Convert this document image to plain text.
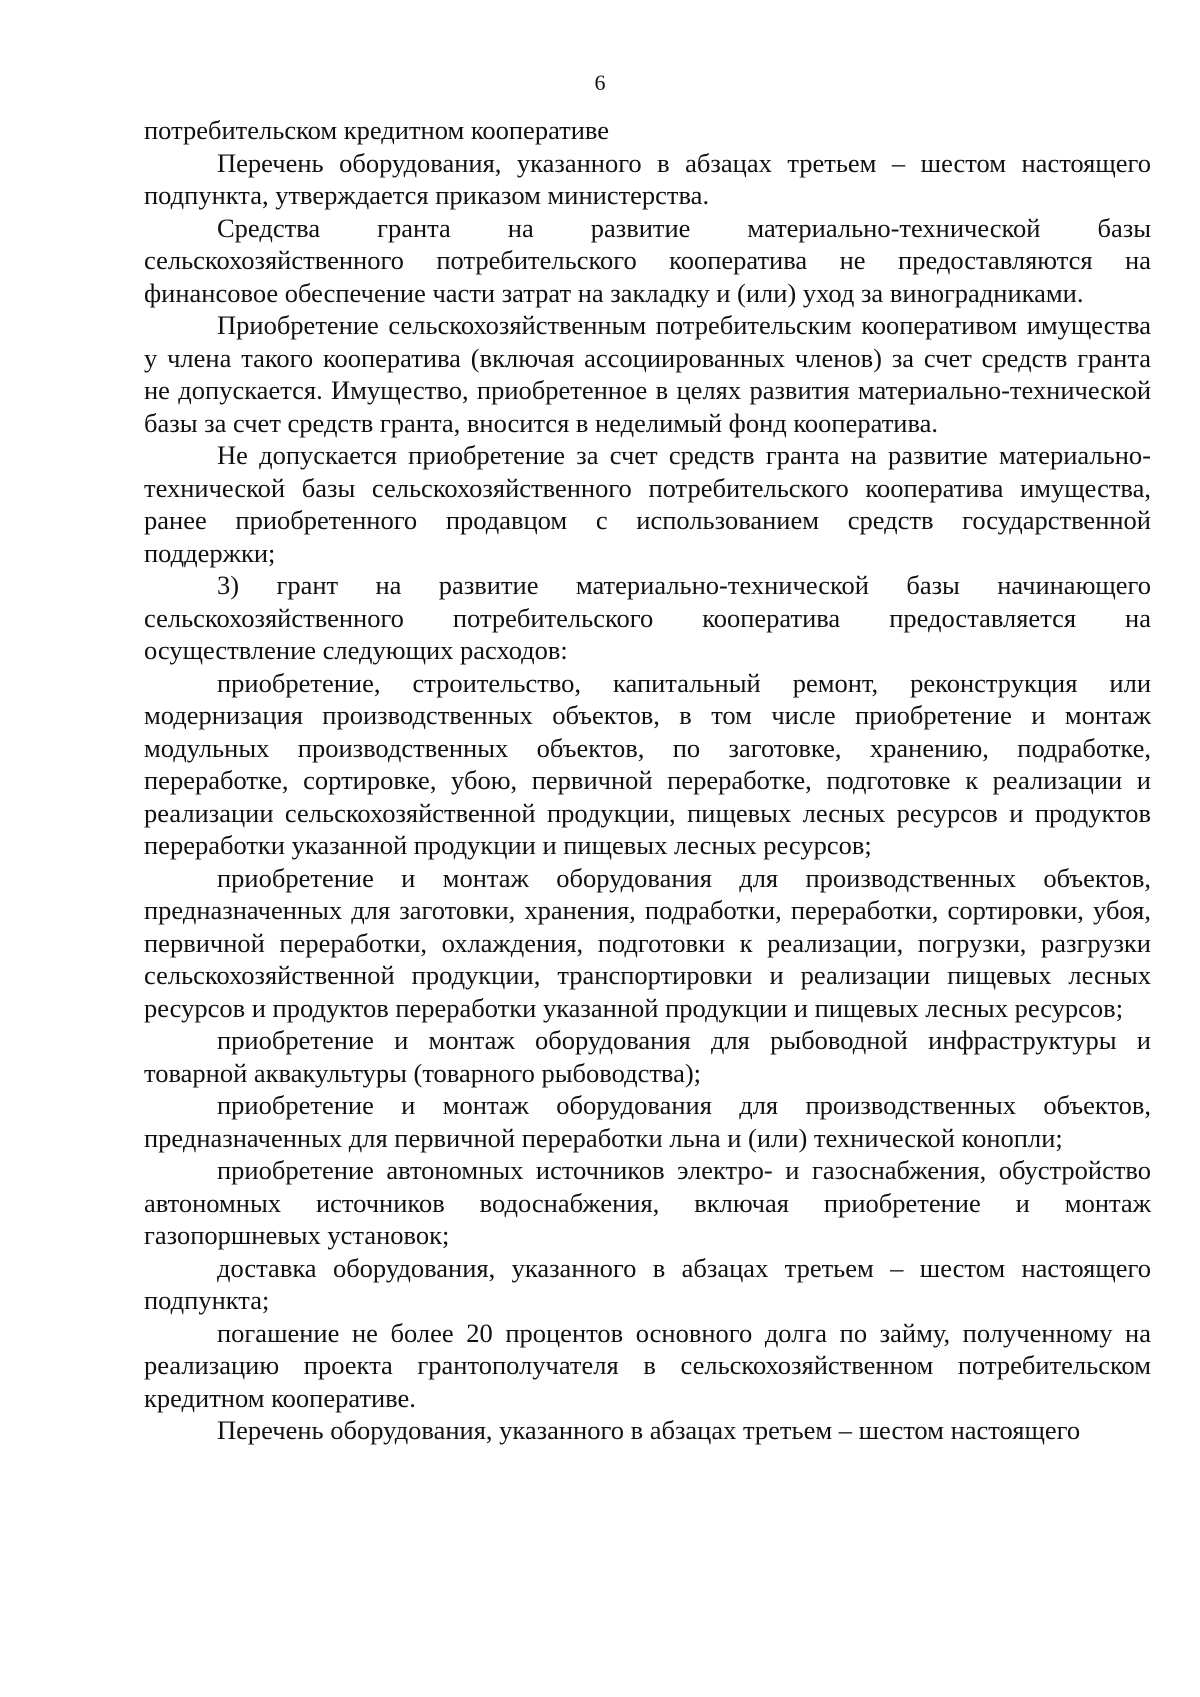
6

потребительском кредитном кооперативе

Перечень оборудования, указанного в абзацах третьем – шестом настоящего подпункта, утверждается приказом министерства.

Средства гранта на развитие материально-технической базы сельскохозяйственного потребительского кооператива не предоставляются на финансовое обеспечение части затрат на закладку и (или) уход за виноградниками.

Приобретение сельскохозяйственным потребительским кооперативом имущества у члена такого кооператива (включая ассоциированных членов) за счет средств гранта не допускается. Имущество, приобретенное в целях развития материально-технической базы за счет средств гранта, вносится в неделимый фонд кооператива.

Не допускается приобретение за счет средств гранта на развитие материально-технической базы сельскохозяйственного потребительского кооператива имущества, ранее приобретенного продавцом с использованием средств государственной поддержки;

3) грант на развитие материально-технической базы начинающего сельскохозяйственного потребительского кооператива предоставляется на осуществление следующих расходов:

приобретение, строительство, капитальный ремонт, реконструкция или модернизация производственных объектов, в том числе приобретение и монтаж модульных производственных объектов, по заготовке, хранению, подработке, переработке, сортировке, убою, первичной переработке, подготовке к реализации и реализации сельскохозяйственной продукции, пищевых лесных ресурсов и продуктов переработки указанной продукции и пищевых лесных ресурсов;

приобретение и монтаж оборудования для производственных объектов, предназначенных для заготовки, хранения, подработки, переработки, сортировки, убоя, первичной переработки, охлаждения, подготовки к реализации, погрузки, разгрузки сельскохозяйственной продукции, транспортировки и реализации пищевых лесных ресурсов и продуктов переработки указанной продукции и пищевых лесных ресурсов;

приобретение и монтаж оборудования для рыбоводной инфраструктуры и товарной аквакультуры (товарного рыбоводства);

приобретение и монтаж оборудования для производственных объектов, предназначенных для первичной переработки льна и (или) технической конопли;

приобретение автономных источников электро- и газоснабжения, обустройство автономных источников водоснабжения, включая приобретение и монтаж газопоршневых установок;

доставка оборудования, указанного в абзацах третьем – шестом настоящего подпункта;

погашение не более 20 процентов основного долга по займу, полученному на реализацию проекта грантополучателя в сельскохозяйственном потребительском кредитном кооперативе.

Перечень оборудования, указанного в абзацах третьем – шестом настоящего
